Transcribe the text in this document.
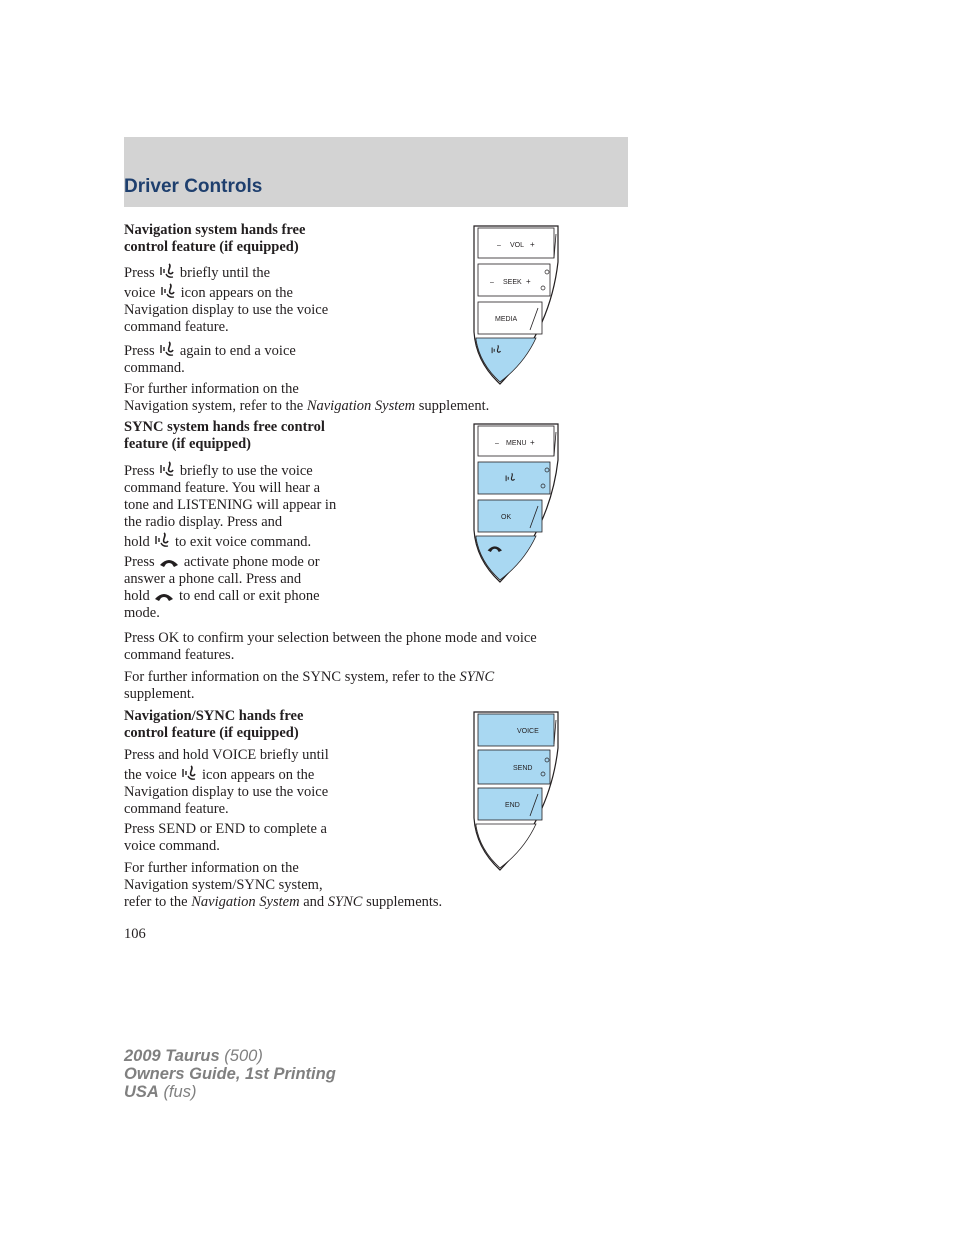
Driver Controls

Navigation system hands free
control feature (if equipped)

Press briefly until the
voice icon appears on the
Navigation display to use the voice
command feature.

Press again to end a voice
command.

For further information on the
Navigation system, refer to the Navigation System supplement.

– VOL +
– SEEK +
MEDIA

SYNC system hands free control
feature (if equipped)

Press briefly to use the voice
command feature. You will hear a
tone and LISTENING will appear in
the radio display. Press and
hold to exit voice command.

Press activate phone mode or
answer a phone call. Press and
hold to end call or exit phone
mode.

Press OK to confirm your selection between the phone mode and voice
command features.

For further information on the SYNC system, refer to the SYNC
supplement.

– MENU +
OK

Navigation/SYNC hands free
control feature (if equipped)

Press and hold VOICE briefly until
the voice icon appears on the
Navigation display to use the voice
command feature.

Press SEND or END to complete a
voice command.

For further information on the
Navigation system/SYNC system,
refer to the Navigation System and SYNC supplements.

VOICE
SEND
END
106
2009 Taurus (500)
Owners Guide, 1st Printing
USA (fus)
